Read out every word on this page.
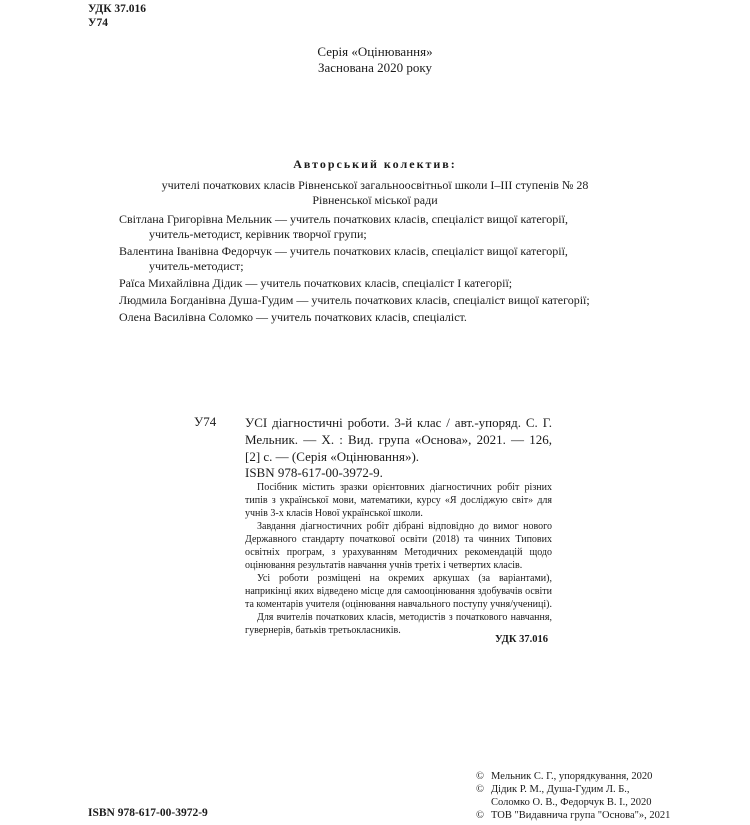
УДК 37.016
У74
Серія «Оцінювання»
Заснована 2020 року
Авторський колектив:
учителі початкових класів Рівненської загальноосвітньої школи I–III ступенів № 28 Рівненської міської ради
Світлана Григорівна Мельник — учитель початкових класів, спеціаліст вищої категорії,
учитель-методист, керівник творчої групи;
Валентина Іванівна Федорчук — учитель початкових класів, спеціаліст вищої категорії,
учитель-методист;
Раїса Михайлівна Дідик — учитель початкових класів, спеціаліст I категорії;
Людмила Богданівна Душа-Гудим — учитель початкових класів, спеціаліст вищої категорії;
Олена Василівна Соломко — учитель початкових класів, спеціаліст.
У74 УСІ діагностичні роботи. 3-й клас / авт.-упоряд. С. Г. Мельник. — Х. : Вид. група «Основа», 2021. — 126, [2] с. — (Серія «Оцінювання»).

ISBN 978-617-00-3972-9.

Посібник містить зразки орієнтовних діагностичних робіт різних типів з української мови, математики, курсу «Я досліджую світ» для учнів 3-х класів Нової української школи.

Завдання діагностичних робіт дібрані відповідно до вимог нового Державного стандарту початкової освіти (2018) та чинних Типових освітніх програм, з урахуванням Методичних рекомендацій щодо оцінювання результатів навчання учнів третіх і четвертих класів.

Усі роботи розміщені на окремих аркушах (за варіантами), наприкінці яких відведено місце для самооцінювання здобувачів освіти та коментарів учителя (оцінювання навчального поступу учня/учениці).

Для вчителів початкових класів, методистів з початкового навчання, гувернерів, батьків третьокласників.

УДК 37.016
© Мельник С. Г., упорядкування, 2020
© Дідик Р. М., Душа-Гудим Л. Б.,
Соломко О. В., Федорчук В. І., 2020
© ТОВ "Видавнича група "Основа"», 2021
ISBN 978-617-00-3972-9
